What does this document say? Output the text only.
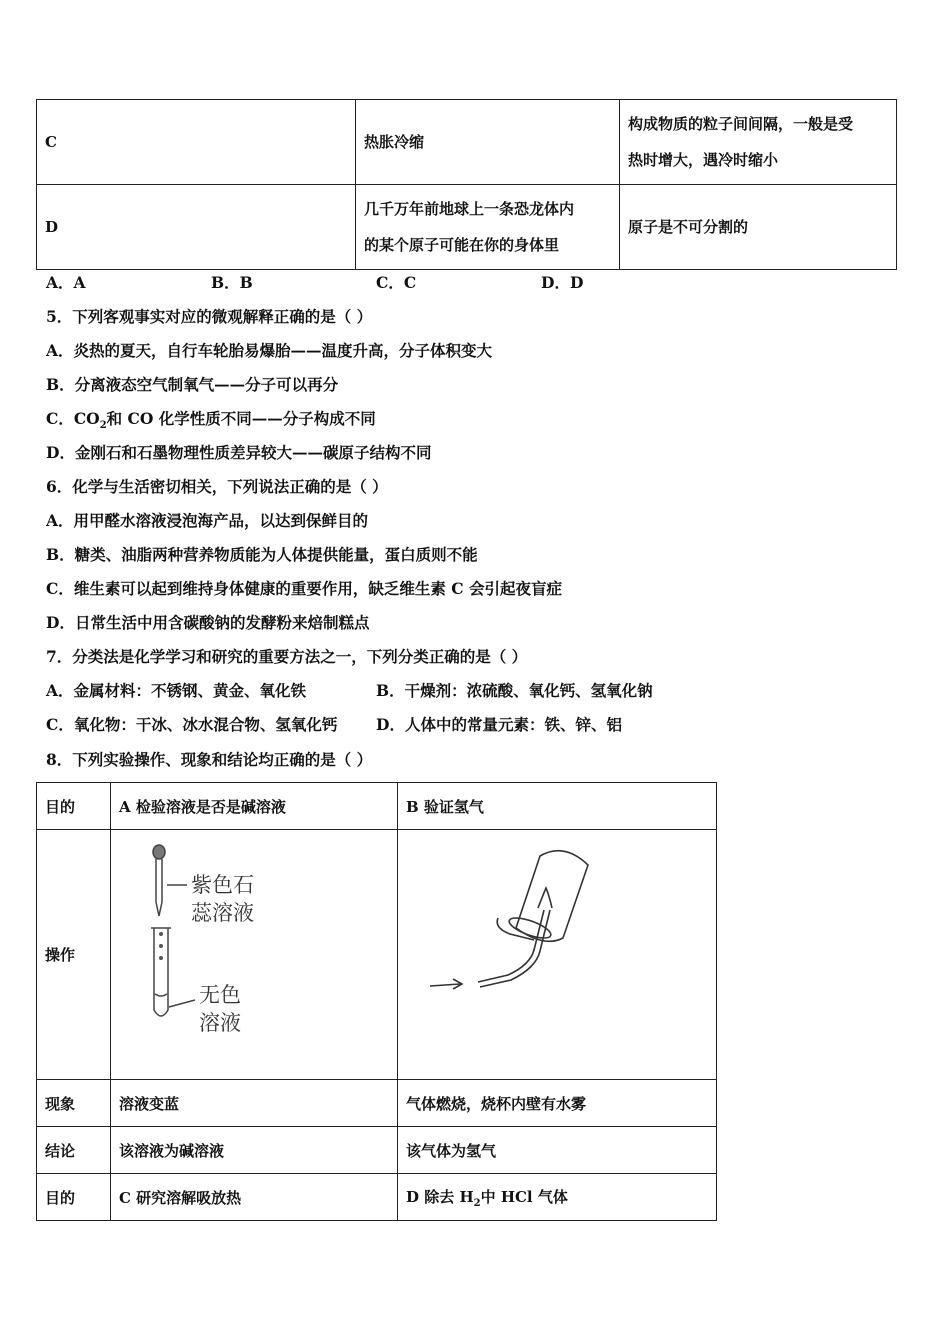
C	热胀冷缩	构成物质的粒子间间隔，一般是受
热时增大，遇冷时缩小

D	几千万年前地球上一条恐龙体内
的某个原子可能在你的身体里	原子是不可分割的
A．A	B．B	C．C	D．D
5．下列客观事实对应的微观解释正确的是（ ）
A．炎热的夏天，自行车轮胎易爆胎——温度升高，分子体积变大
B．分离液态空气制氧气——分子可以再分
C．$CO_2$和 CO 化学性质不同——分子构成不同
D．金刚石和石墨物理性质差异较大——碳原子结构不同
6．化学与生活密切相关，下列说法正确的是（ ）
A．用甲醛水溶液浸泡海产品，以达到保鲜目的
B．糖类、油脂两种营养物质能为人体提供能量，蛋白质则不能
C．维生素可以起到维持身体健康的重要作用，缺乏维生素 C 会引起夜盲症
D．日常生活中用含碳酸钠的发酵粉来焙制糕点
7．分类法是化学学习和研究的重要方法之一，下列分类正确的是（ ）
A．金属材料：不锈钢、黄金、氧化铁	B．干燥剂：浓硫酸、氧化钙、氢氧化钠
C．氧化物：干冰、冰水混合物、氢氧化钙 D．人体中的常量元素：铁、锌、铝
8．下列实验操作、现象和结论均正确的是（ ）
目的	A 检验溶液是否是碱溶液	B 验证氢气
操作	紫色石
蕊溶液
无色
溶液

现象	溶液变蓝	气体燃烧，烧杯内壁有水雾
结论	该溶液为碱溶液	该气体为氢气
目的	C 研究溶解吸放热	D 除去 $H_2$中 HCl 气体
